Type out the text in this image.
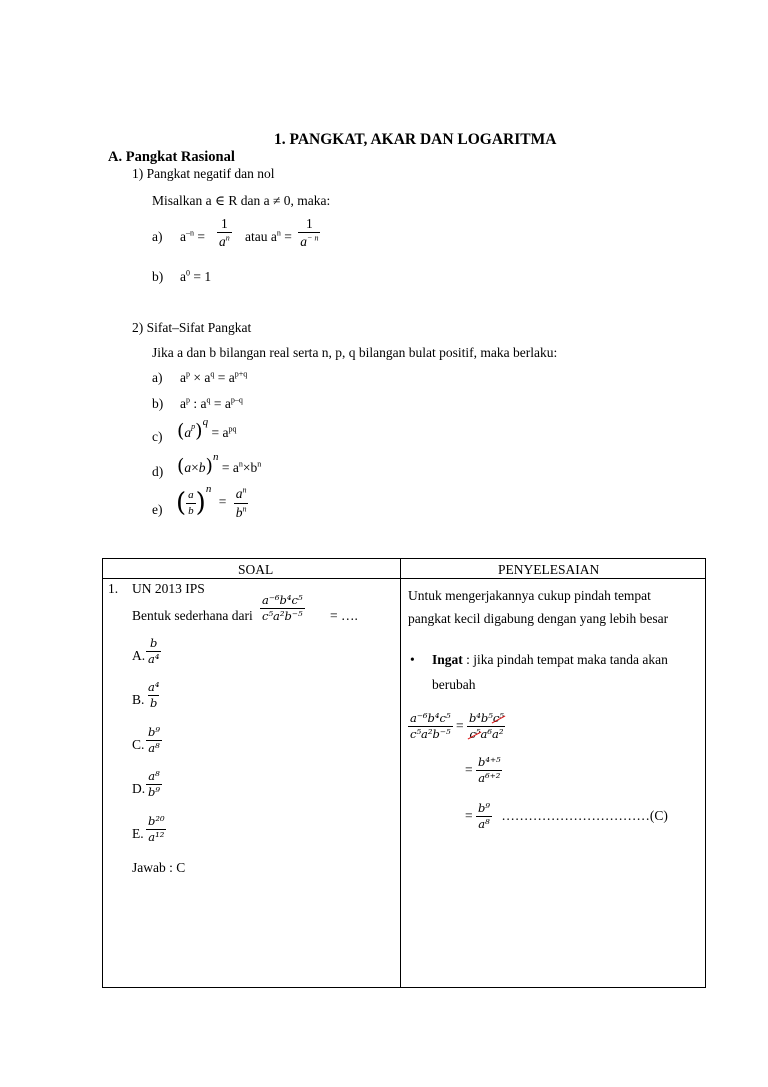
1. PANGKAT, AKAR DAN LOGARITMA
A. Pangkat Rasional
1) Pangkat negatif dan nol
Misalkan a ∈ R dan a ≠ 0, maka:
a) $a^{-n} = \frac{1}{a^n}$ atau $a^n = \frac{1}{a^{- n}}$
b) $a^0 = 1$
2) Sifat–Sifat Pangkat
Jika a dan b bilangan real serta n, p, q bilangan bulat positif, maka berlaku:
a) $a^p \times a^q = a^{p+q}$
b) $a^p$ : $a^q = a^{p-q}$
c) $(a^p)^q = a^{pq}$
d) $(a\times b)^n = a^n\times b^n$
e) ( $\frac{a}{b} )^n = \frac{a^n}{b^n}$
SOAL	PENYELESAIAN
1. UN 2013 IPS
Bentuk sederhana dari $\frac{\text{a⁻⁶b⁴c⁵}}{\text{c⁵a²b⁻⁵}}$ = ….
A. $\frac{b}{\text{a⁴}}$
B. $\frac{\text{a⁴}}{b}$
C. $\frac{\text{b⁹}}{\text{a⁸}}$
D. $\frac{\text{a⁸}}{\text{b⁹}}$
E. $\frac{\text{b²⁰}}{\text{a¹²}}$
Jawab : C
Untuk mengerjakannya cukup pindah tempat
pangkat kecil digabung dengan yang lebih besar
• Ingat : jika pindah tempat maka tanda akan
berubah
$\frac{\text{a⁻⁶b⁴c⁵}}{\text{c⁵a²b⁻⁵}} = \frac{\text{b⁴b⁵c⁵}}{\text{c⁵a⁶a²}}$
= $\frac{\text{b⁴⁺⁵}}{\text{a⁶⁺²}}$
= $\frac{\text{b⁹}}{\text{a⁸}}$ ……………………………(C)
